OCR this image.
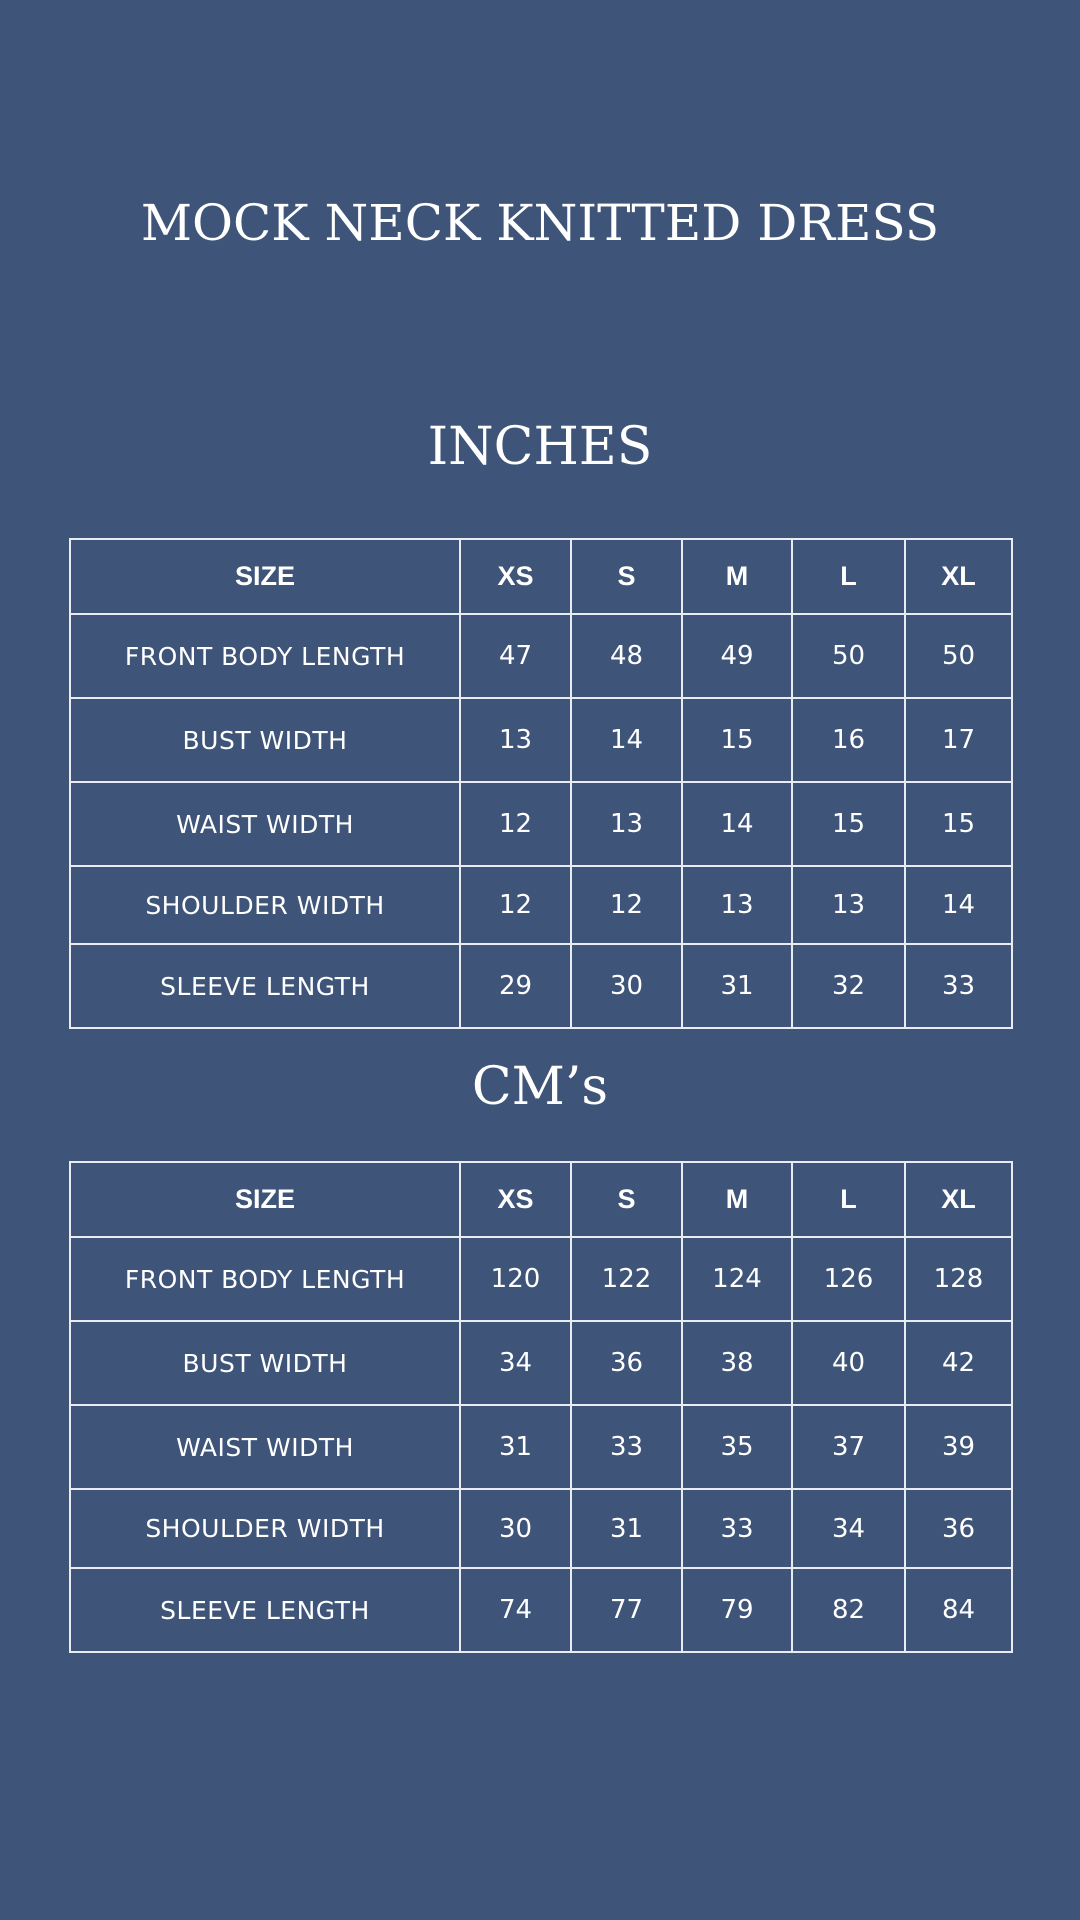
MOCK NECK KNITTED DRESS
INCHES
SIZE	XS	S	M	L	XL
FRONT BODY LENGTH	47	48	49	50	50
BUST WIDTH	13	14	15	16	17
WAIST WIDTH	12	13	14	15	15
SHOULDER WIDTH	12	12	13	13	14
SLEEVE LENGTH	29	30	31	32	33
CM’s
SIZE	XS	S	M	L	XL
FRONT BODY LENGTH	120	122	124	126	128
BUST WIDTH	34	36	38	40	42
WAIST WIDTH	31	33	35	37	39
SHOULDER WIDTH	30	31	33	34	36
SLEEVE LENGTH	74	77	79	82	84
